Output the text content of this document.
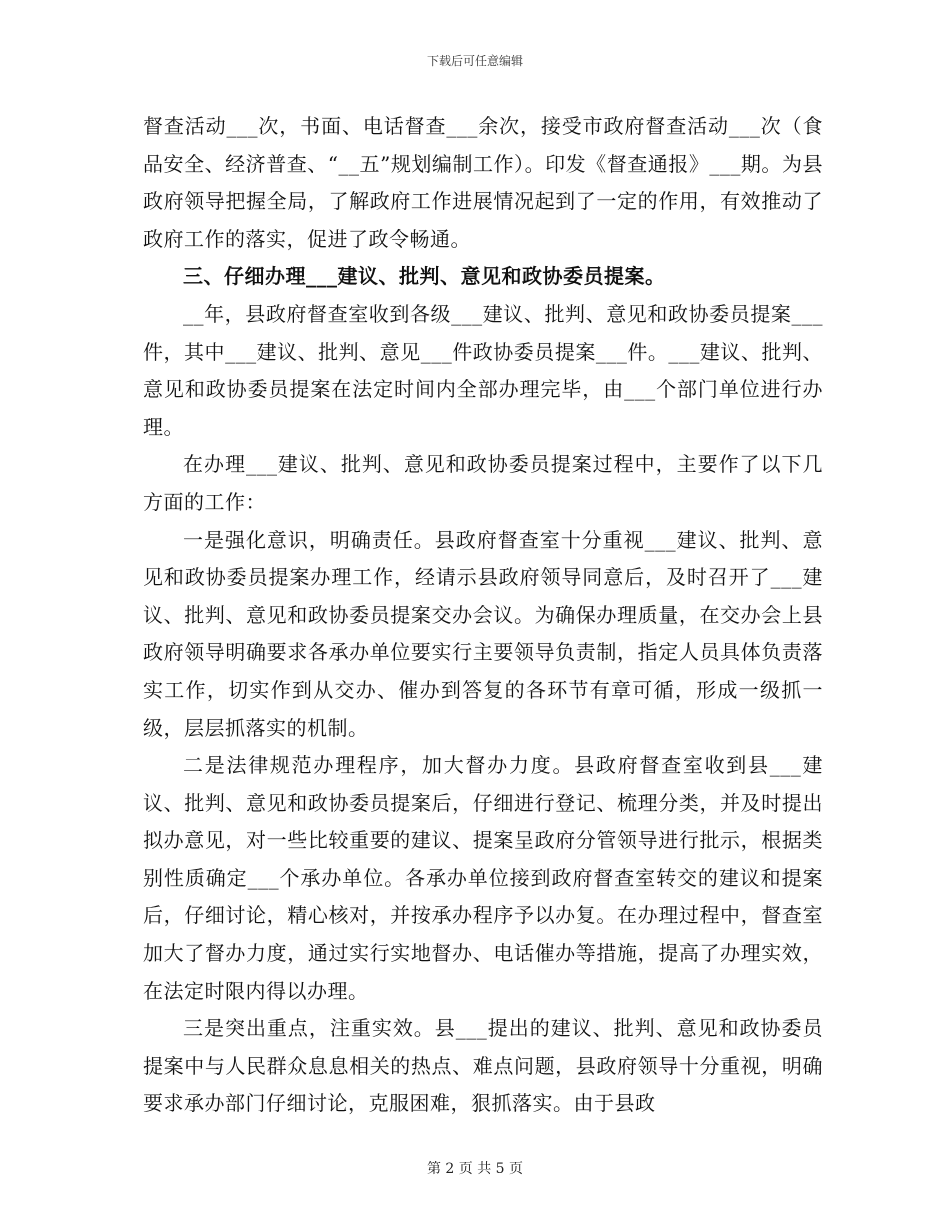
下载后可任意编辑

督查活动___次，书面、电话督查___余次，接受市政府督查活动___次（食品安全、经济普查、“__五”规划编制工作）。印发《督查通报》___期。为县政府领导把握全局，了解政府工作进展情况起到了一定的作用，有效推动了政府工作的落实，促进了政令畅通。

三、仔细办理___建议、批判、意见和政协委员提案。

__年，县政府督查室收到各级___建议、批判、意见和政协委员提案___件，其中___建议、批判、意见___件政协委员提案___件。___建议、批判、意见和政协委员提案在法定时间内全部办理完毕，由___个部门单位进行办理。

在办理___建议、批判、意见和政协委员提案过程中，主要作了以下几方面的工作：

一是强化意识，明确责任。县政府督查室十分重视___建议、批判、意见和政协委员提案办理工作，经请示县政府领导同意后，及时召开了___建议、批判、意见和政协委员提案交办会议。为确保办理质量，在交办会上县政府领导明确要求各承办单位要实行主要领导负责制，指定人员具体负责落实工作，切实作到从交办、催办到答复的各环节有章可循，形成一级抓一级，层层抓落实的机制。

二是法律规范办理程序，加大督办力度。县政府督查室收到县___建议、批判、意见和政协委员提案后，仔细进行登记、梳理分类，并及时提出拟办意见，对一些比较重要的建议、提案呈政府分管领导进行批示，根据类别性质确定___个承办单位。各承办单位接到政府督查室转交的建议和提案后，仔细讨论，精心核对，并按承办程序予以办复。在办理过程中，督查室加大了督办力度，通过实行实地督办、电话催办等措施，提高了办理实效，在法定时限内得以办理。

三是突出重点，注重实效。县___提出的建议、批判、意见和政协委员提案中与人民群众息息相关的热点、难点问题，县政府领导十分重视，明确要求承办部门仔细讨论，克服困难，狠抓落实。由于县政

第 2 页 共 5 页
